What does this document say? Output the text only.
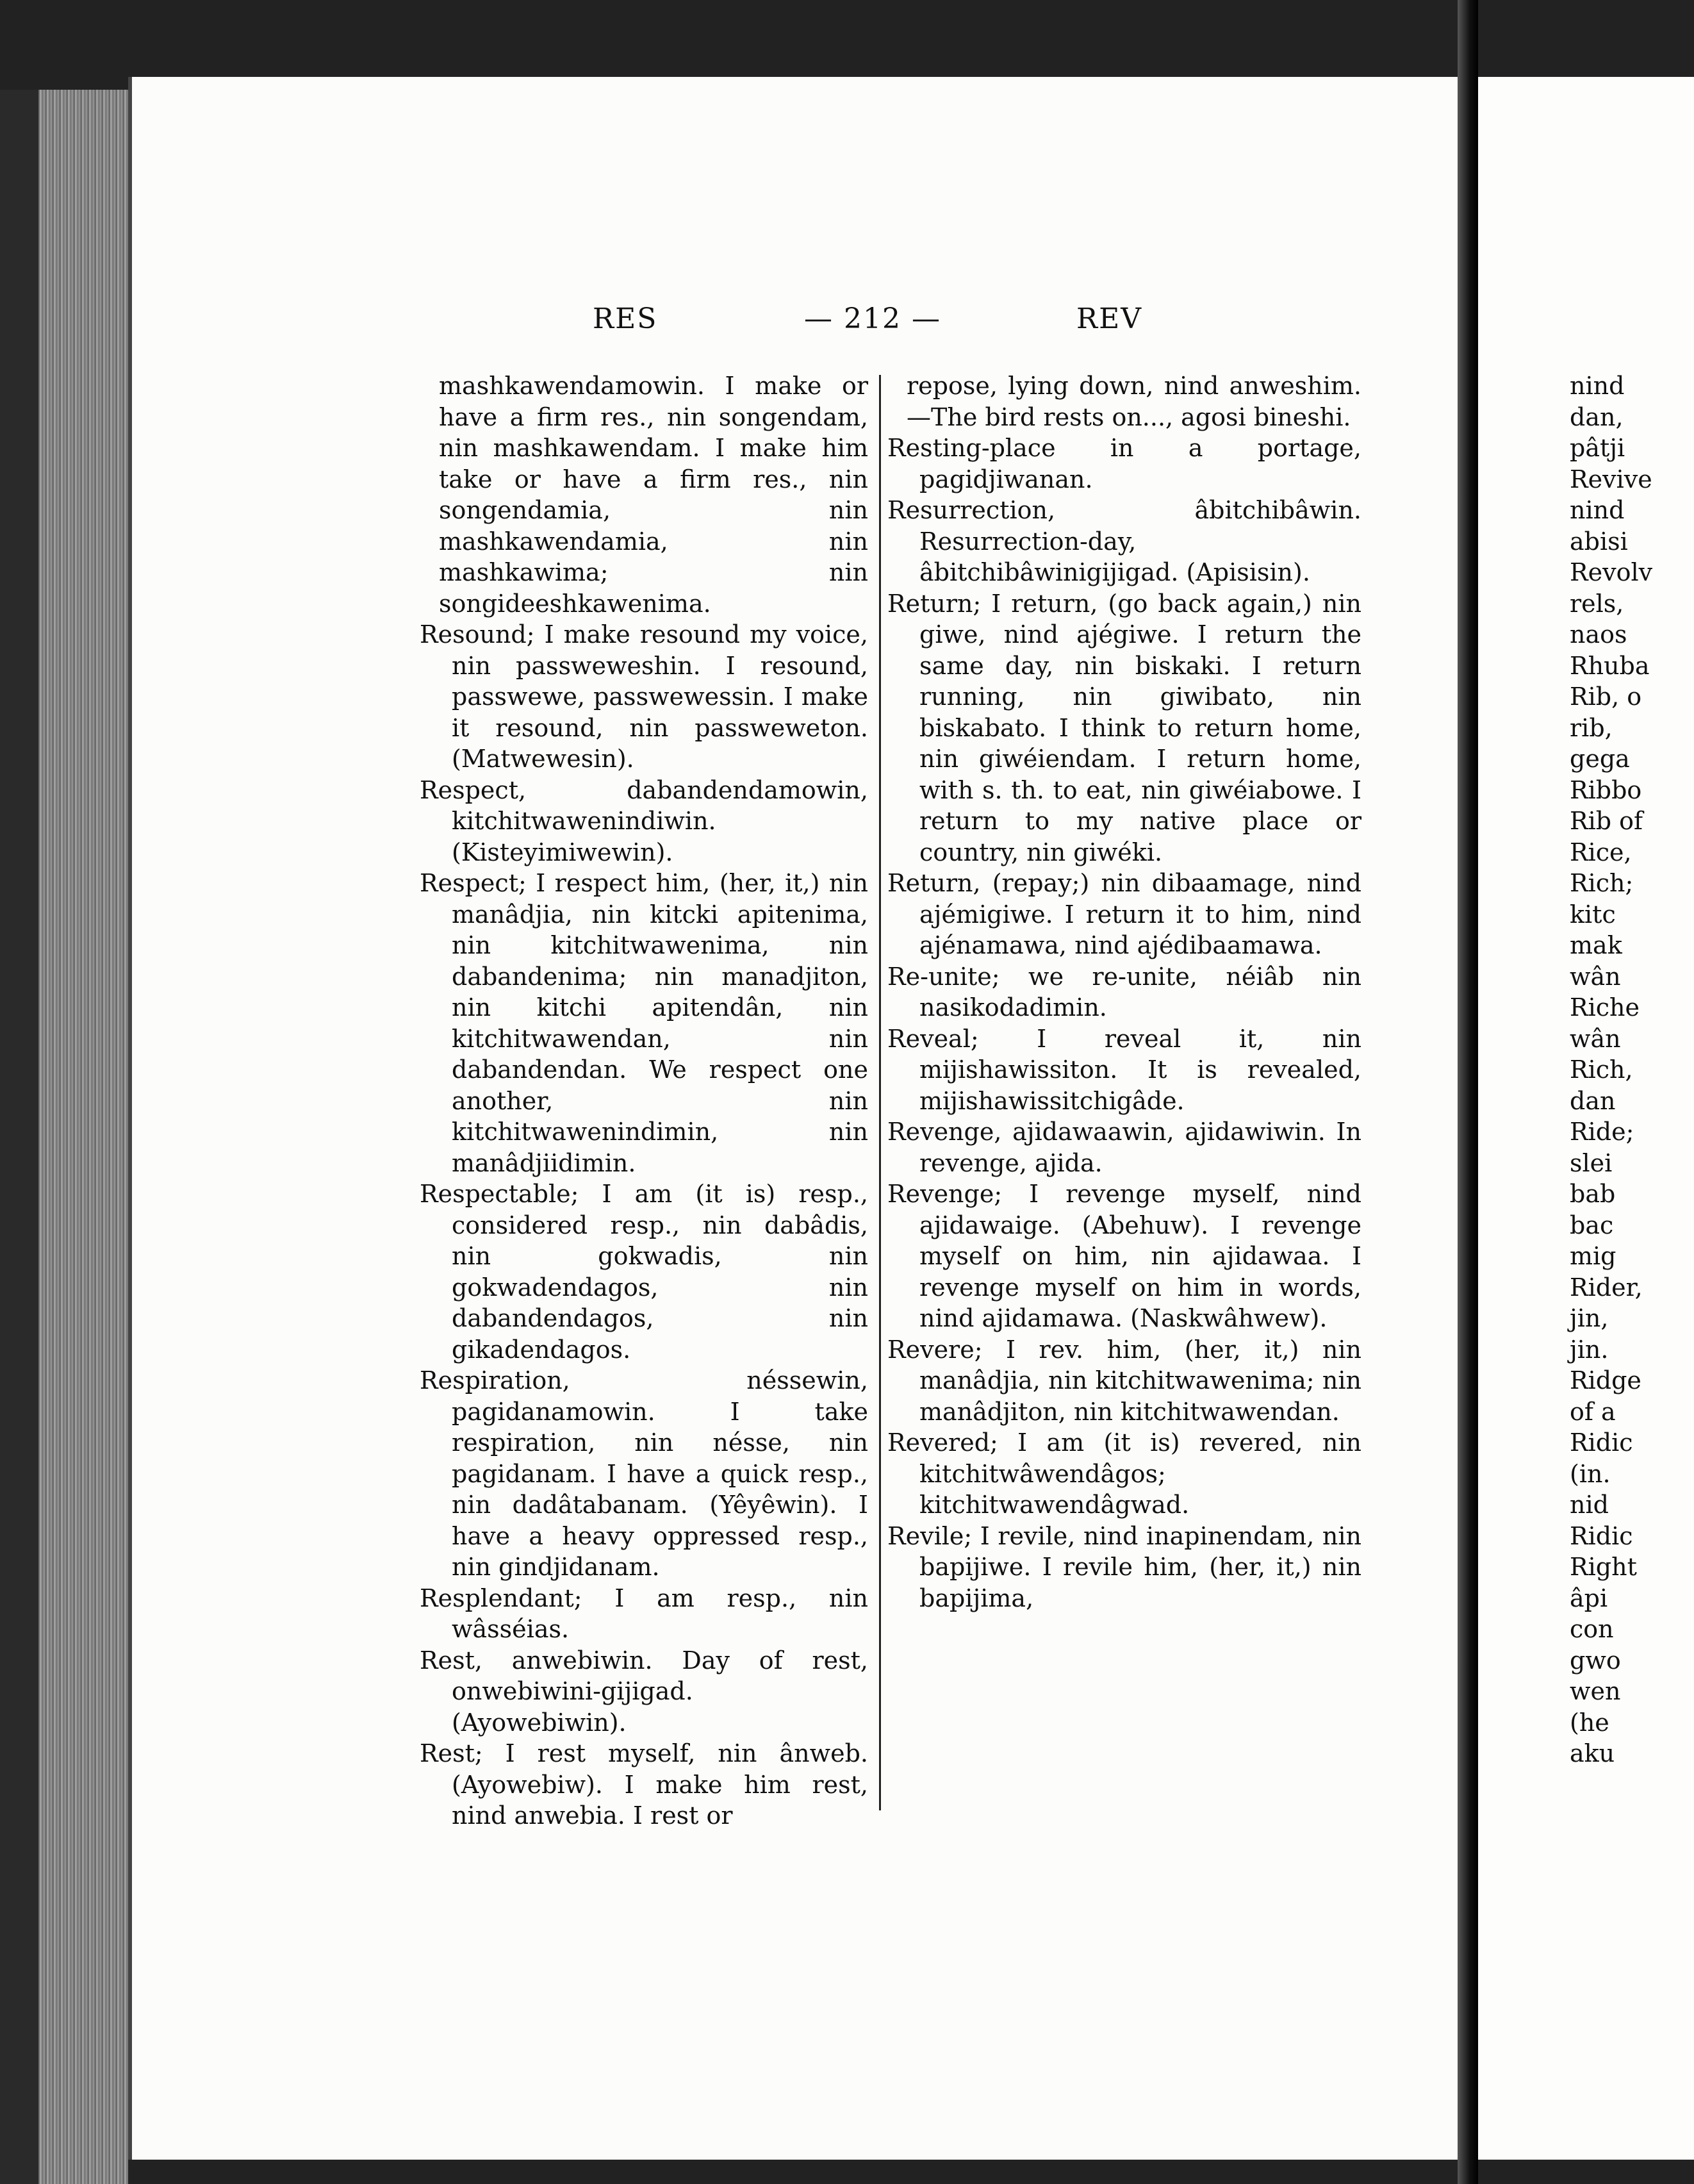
RES	— 212 —	REV

mashkawendamowin. I make or have a firm res., nin songendam, nin mashkawendam. I make him take or have a firm res., nin songendamia, nin mashkawendamia, nin mashkawima; nin songideeshkawenima.

Resound; I make resound my voice, nin passweweshin. I resound, passwewe, passwewessin. I make it resound, nin passweweton. (Matwewesin).

Respect, dabandendamowin, kitchitwawenindiwin. (Kisteyimiwewin).

Respect; I respect him, (her, it,) nin manâdjia, nin kitcki apitenima, nin kitchitwawenima, nin dabandenima; nin manadjiton, nin kitchi apitendân, nin kitchitwawendan, nin dabandendan. We respect one another, nin kitchitwawenindimin, nin manâdjiidimin.

Respectable; I am (it is) resp., considered resp., nin dabâdis, nin gokwadis, nin gokwadendagos, nin dabandendagos, nin gikadendagos.

Respiration, néssewin, pagidanamowin. I take respiration, nin nésse, nin pagidanam. I have a quick resp., nin dadâtabanam. (Yêyêwin). I have a heavy oppressed resp., nin gindjidanam.

Resplendant; I am resp., nin wâsséias.

Rest, anwebiwin. Day of rest, onwebiwini-gijigad. (Ayowebiwin).

Rest; I rest myself, nin ânweb. (Ayowebiw). I make him rest, nind anwebia. I rest or

repose, lying down, nind anweshim.—The bird rests on..., agosi bineshi.

Resting-place in a portage, pagidjiwanan.

Resurrection, âbitchibâwin. Resurrection-day, âbitchibâwinigijigad. (Apisisin).

Return; I return, (go back again,) nin giwe, nind ajégiwe. I return the same day, nin biskaki. I return running, nin giwibato, nin biskabato. I think to return home, nin giwéiendam. I return home, with s. th. to eat, nin giwéiabowe. I return to my native place or country, nin giwéki.

Return, (repay;) nin dibaamage, nind ajémigiwe. I return it to him, nind ajénamawa, nind ajédibaamawa.

Re-unite; we re-unite, néiâb nin nasikodadimin.

Reveal; I reveal it, nin mijishawissiton. It is revealed, mijishawissitchigâde.

Revenge, ajidawaawin, ajidawiwin. In revenge, ajida.

Revenge; I revenge myself, nind ajidawaige. (Abehuw). I revenge myself on him, nin ajidawaa. I revenge myself on him in words, nind ajidamawa. (Naskwâhwew).

Revere; I rev. him, (her, it,) nin manâdjia, nin kitchitwawenima; nin manâdjiton, nin kitchitwawendan.

Revered; I am (it is) revered, nin kitchitwâwendâgos; kitchitwawendâgwad.

Revile; I revile, nind inapinendam, nin bapijiwe. I revile him, (her, it,) nin bapijima,

nind
dan,
pâtji
Revive
nind
abisi
Revolv
rels,
naos
Rhuba
Rib, o
rib,
gega
Ribbo
Rib of
Rice,
Rich;
kitc
mak
wân
Riche
wân
Rich,
dan
Ride;
slei
bab
bac
mig
Rider,
jin,
jin.
Ridge
of a
Ridic
(in.
nid
Ridic
Right
âpi
con
gwo
wen
(he
aku
